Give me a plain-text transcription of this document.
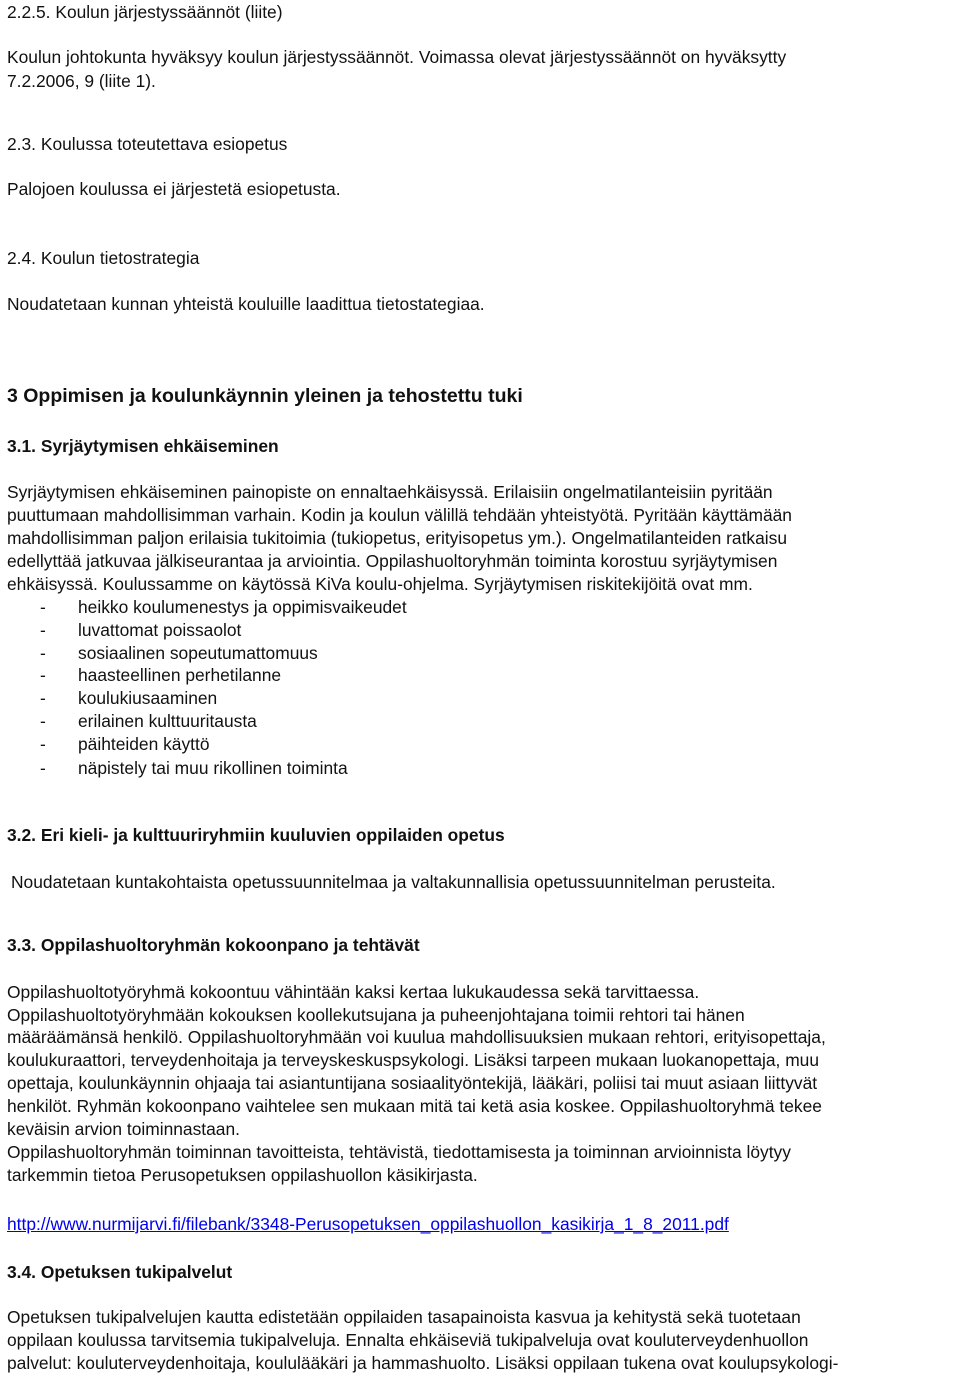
2.2.5. Koulun järjestyssäännöt (liite)
Koulun johtokunta hyväksyy koulun järjestyssäännöt. Voimassa olevat järjestyssäännöt on hyväksytty
7.2.2006, 9 (liite 1).
2.3. Koulussa toteutettava esiopetus
Palojoen koulussa ei järjestetä esiopetusta.
2.4. Koulun tietostrategia
Noudatetaan kunnan yhteistä kouluille laadittua tietostategiaa.
3 Oppimisen ja koulunkäynnin yleinen ja tehostettu tuki
3.1. Syrjäytymisen ehkäiseminen
Syrjäytymisen ehkäiseminen painopiste on ennaltaehkäisyssä. Erilaisiin ongelmatilanteisiin pyritään
puuttumaan mahdollisimman varhain. Kodin ja koulun välillä tehdään yhteistyötä. Pyritään käyttämään
mahdollisimman paljon erilaisia tukitoimia (tukiopetus, erityisopetus ym.). Ongelmatilanteiden ratkaisu
edellyttää jatkuvaa jälkiseurantaa ja arviointia. Oppilashuoltoryhmän toiminta korostuu syrjäytymisen
ehkäisyssä. Koulussamme on käytössä KiVa koulu-ohjelma. Syrjäytymisen riskitekijöitä ovat mm.
- heikko koulumenestys ja oppimisvaikeudet
- luvattomat poissaolot
- sosiaalinen sopeutumattomuus
- haasteellinen perhetilanne
- koulukiusaaminen
- erilainen kulttuuritausta
- päihteiden käyttö
- näpistely tai muu rikollinen toiminta
3.2. Eri kieli- ja kulttuuriryhmiin kuuluvien oppilaiden opetus
Noudatetaan kuntakohtaista opetussuunnitelmaa ja valtakunnallisia opetussuunnitelman perusteita.
3.3. Oppilashuoltoryhmän kokoonpano ja tehtävät
Oppilashuoltotyöryhmä kokoontuu vähintään kaksi kertaa lukukaudessa sekä tarvittaessa.
Oppilashuoltotyöryhmään kokouksen koollekutsujana ja puheenjohtajana toimii rehtori tai hänen
määräämänsä henkilö. Oppilashuoltoryhmään voi kuulua mahdollisuuksien mukaan rehtori, erityisopettaja,
koulukuraattori, terveydenhoitaja ja terveyskeskuspsykologi. Lisäksi tarpeen mukaan luokanopettaja, muu
opettaja, koulunkäynnin ohjaaja tai asiantuntijana sosiaalityöntekijä, lääkäri, poliisi tai muut asiaan liittyvät
henkilöt. Ryhmän kokoonpano vaihtelee sen mukaan mitä tai ketä asia koskee. Oppilashuoltoryhmä tekee
keväisin arvion toiminnastaan.
Oppilashuoltoryhmän toiminnan tavoitteista, tehtävistä, tiedottamisesta ja toiminnan arvioinnista löytyy
tarkemmin tietoa Perusopetuksen oppilashuollon käsikirjasta.
http://www.nurmijarvi.fi/filebank/3348-Perusopetuksen_oppilashuollon_kasikirja_1_8_2011.pdf
3.4. Opetuksen tukipalvelut
Opetuksen tukipalvelujen kautta edistetään oppilaiden tasapainoista kasvua ja kehitystä sekä tuotetaan
oppilaan koulussa tarvitsemia tukipalveluja. Ennalta ehkäiseviä tukipalveluja ovat kouluterveydenhuollon
palvelut: kouluterveydenhoitaja, koululääkäri ja hammashuolto. Lisäksi oppilaan tukena ovat koulupsykologi-
